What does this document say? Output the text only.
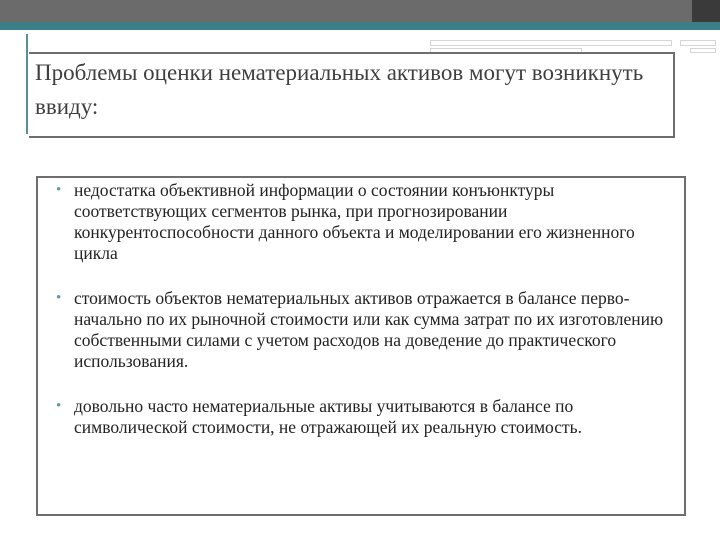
Проблемы оценки нематериальных активов могут возникнуть ввиду:
• недостатка объективной информации о состоянии конъюнктуры соответствующих сегментов рынка, при прогнозировании конкурентоспособности данного объекта и моделировании его жизненного цикла
• стоимость объектов нематериальных активов отражается в балансе перво-начально по их рыночной стоимости или как сумма затрат по их изготовлению собственными силами с учетом расходов на доведение до практического использования.
• довольно часто нематериальные активы учитываются в балансе по символической стоимости, не отражающей их реальную стоимость.
